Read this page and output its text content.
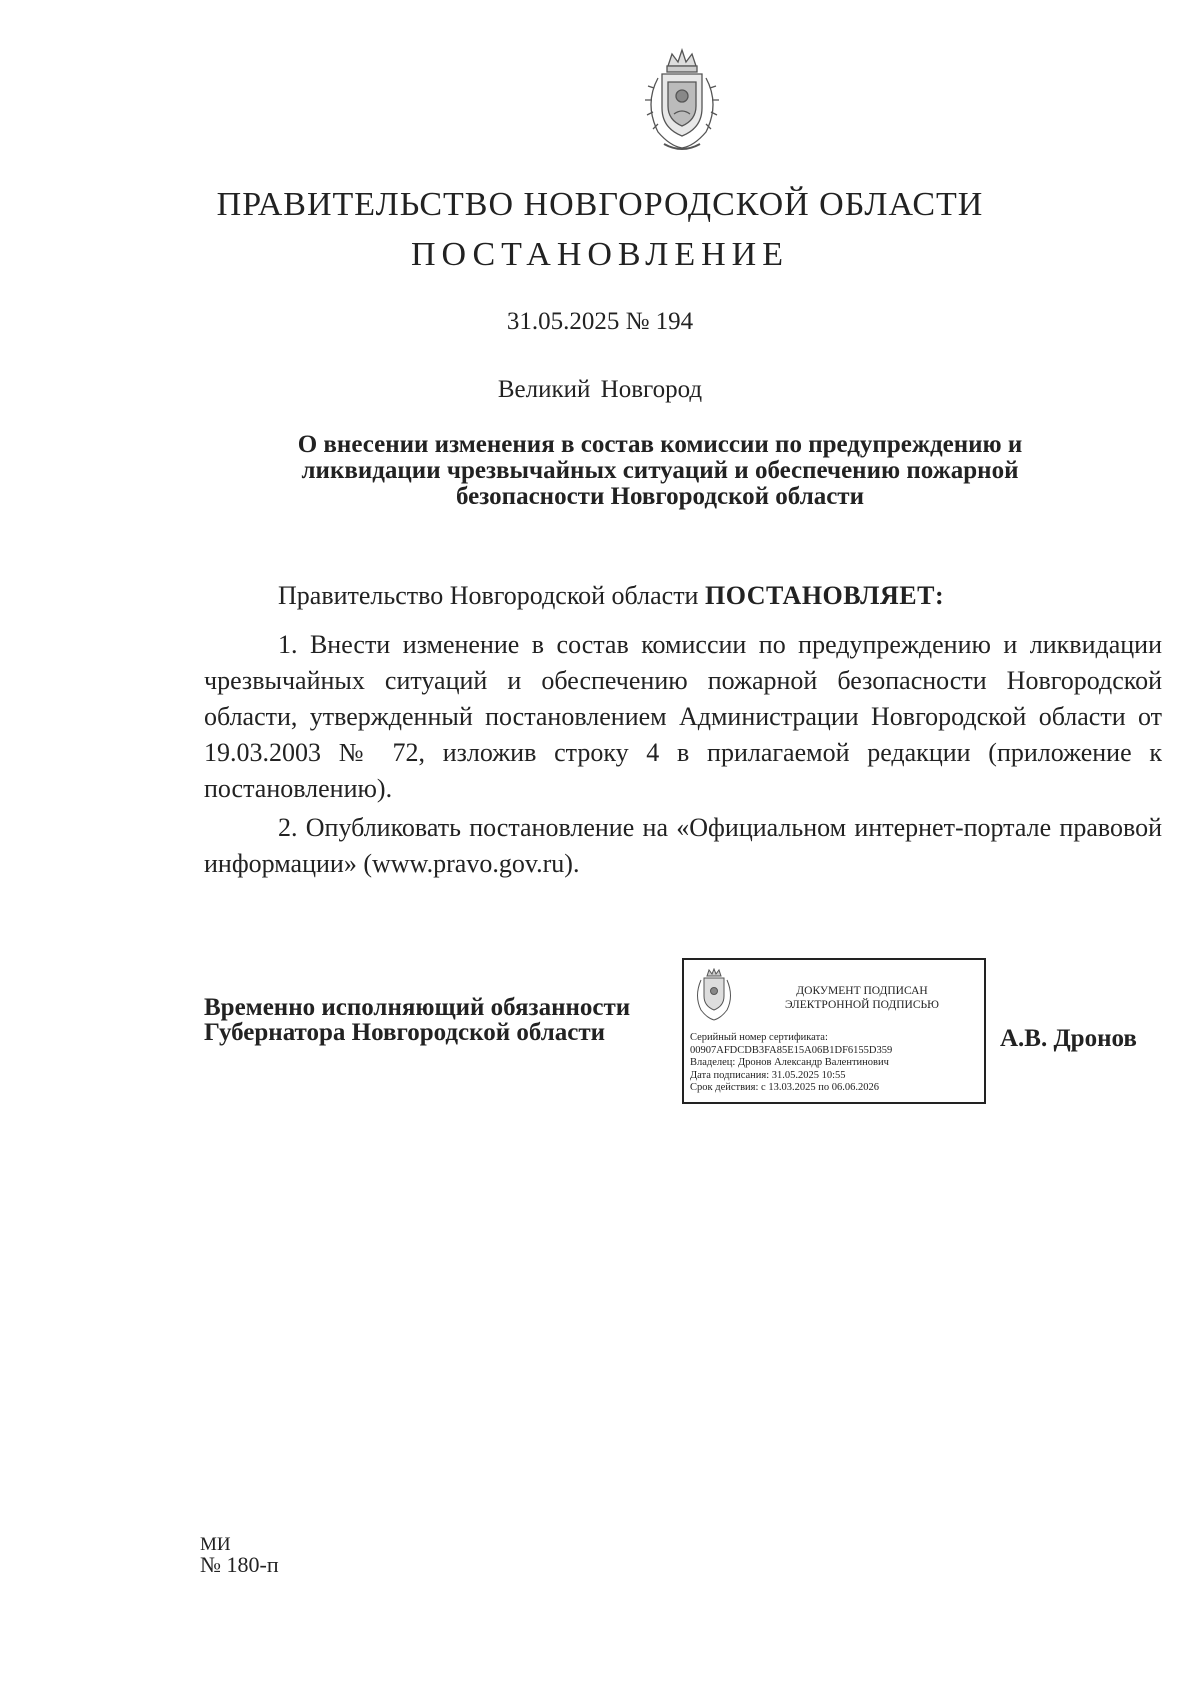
ПРАВИТЕЛЬСТВО НОВГОРОДСКОЙ ОБЛАСТИ
ПОСТАНОВЛЕНИЕ
31.05.2025 № 194
Великий Новгород
О внесении изменения в состав комиссии по предупреждению и ликвидации чрезвычайных ситуаций и обеспечению пожарной безопасности Новгородской области
Правительство Новгородской области ПОСТАНОВЛЯЕТ:
1. Внести изменение в состав комиссии по предупреждению и ликвидации чрезвычайных ситуаций и обеспечению пожарной безопасности Новгородской области, утвержденный постановлением Администрации Новгородской области от 19.03.2003 № 72, изложив строку 4 в прилагаемой редакции (приложение к постановлению).
2. Опубликовать постановление на «Официальном интернет-портале правовой информации» (www.pravo.gov.ru).
Временно исполняющий обязанности
Губернатора Новгородской области
ДОКУМЕНТ ПОДПИСАН
ЭЛЕКТРОННОЙ ПОДПИСЬЮ
Серийный номер сертификата:
00907AFDCDB3FA85E15A06B1DF6155D359
Владелец: Дронов Александр Валентинович
Дата подписания: 31.05.2025 10:55
Срок действия: с 13.03.2025 по 06.06.2026
А.В. Дронов
МИ
№ 180-п
